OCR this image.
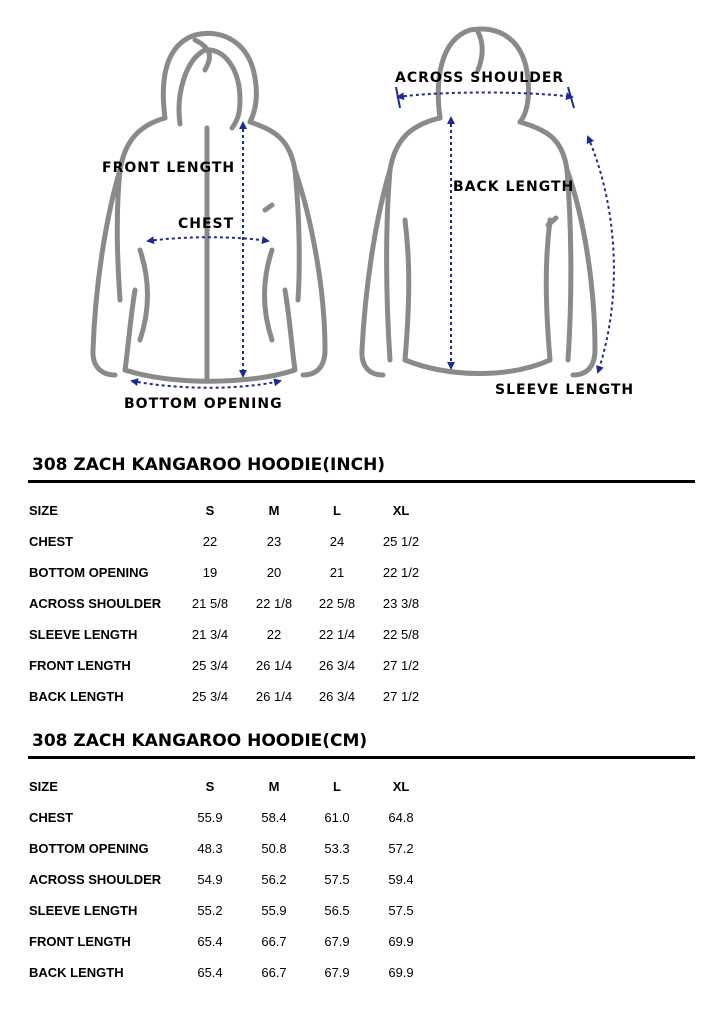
FRONT LENGTH
CHEST
BOTTOM OPENING
ACROSS SHOULDER
BACK LENGTH
SLEEVE LENGTH
308 ZACH KANGAROO HOODIE(INCH)
SIZE	S	M	L	XL
CHEST	22	23	24	25 1/2
BOTTOM OPENING	19	20	21	22 1/2
ACROSS SHOULDER	21 5/8	22 1/8	22 5/8	23 3/8
SLEEVE LENGTH	21 3/4	22	22 1/4	22 5/8
FRONT LENGTH	25 3/4	26 1/4	26 3/4	27 1/2
BACK LENGTH	25 3/4	26 1/4	26 3/4	27 1/2
308 ZACH KANGAROO HOODIE(CM)
SIZE	S	M	L	XL
CHEST	55.9	58.4	61.0	64.8
BOTTOM OPENING	48.3	50.8	53.3	57.2
ACROSS SHOULDER	54.9	56.2	57.5	59.4
SLEEVE LENGTH	55.2	55.9	56.5	57.5
FRONT LENGTH	65.4	66.7	67.9	69.9
BACK LENGTH	65.4	66.7	67.9	69.9
